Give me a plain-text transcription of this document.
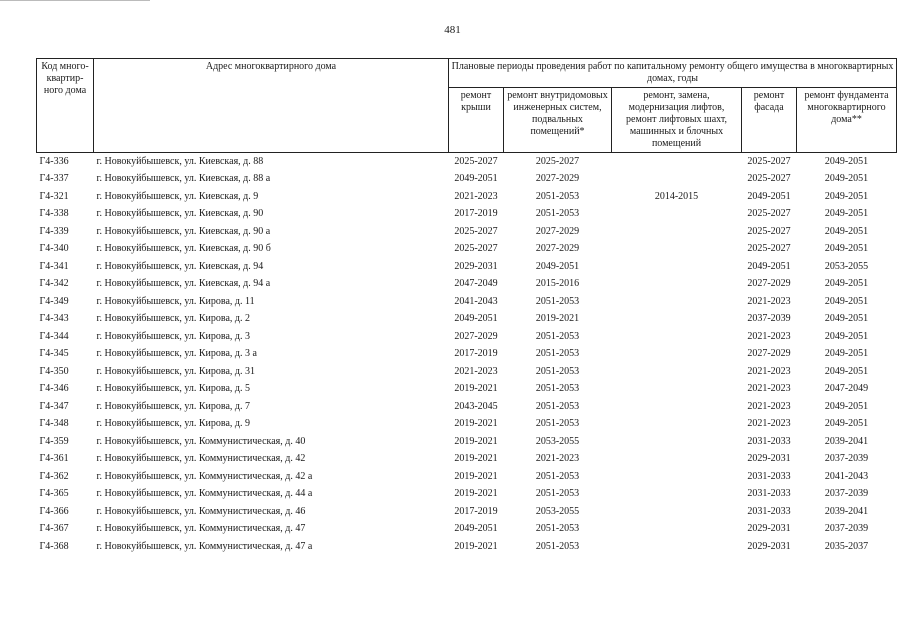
481
Код много-квартир-ного дома	Адрес многоквартирного дома	Плановые периоды проведения работ по капитальному ремонту общего имущества в многоквартирных домах, годы				
		ремонт крыши	ремонт внутридомовых инженерных систем, подвальных помещений*	ремонт, замена, модернизация лифтов, ремонт лифтовых шахт, машинных и блочных помещений	ремонт фасада	ремонт фундамента многоквартирного дома**
Г4-336	г. Новокуйбышевск, ул. Киевская, д. 88	2025-2027	2025-2027		2025-2027	2049-2051
Г4-337	г. Новокуйбышевск, ул. Киевская, д. 88 а	2049-2051	2027-2029		2025-2027	2049-2051
Г4-321	г. Новокуйбышевск, ул. Киевская, д. 9	2021-2023	2051-2053	2014-2015	2049-2051	2049-2051
Г4-338	г. Новокуйбышевск, ул. Киевская, д. 90	2017-2019	2051-2053		2025-2027	2049-2051
Г4-339	г. Новокуйбышевск, ул. Киевская, д. 90 а	2025-2027	2027-2029		2025-2027	2049-2051
Г4-340	г. Новокуйбышевск, ул. Киевская, д. 90 б	2025-2027	2027-2029		2025-2027	2049-2051
Г4-341	г. Новокуйбышевск, ул. Киевская, д. 94	2029-2031	2049-2051		2049-2051	2053-2055
Г4-342	г. Новокуйбышевск, ул. Киевская, д. 94 а	2047-2049	2015-2016		2027-2029	2049-2051
Г4-349	г. Новокуйбышевск, ул. Кирова, д. 11	2041-2043	2051-2053		2021-2023	2049-2051
Г4-343	г. Новокуйбышевск, ул. Кирова, д. 2	2049-2051	2019-2021		2037-2039	2049-2051
Г4-344	г. Новокуйбышевск, ул. Кирова, д. 3	2027-2029	2051-2053		2021-2023	2049-2051
Г4-345	г. Новокуйбышевск, ул. Кирова, д. 3 а	2017-2019	2051-2053		2027-2029	2049-2051
Г4-350	г. Новокуйбышевск, ул. Кирова, д. 31	2021-2023	2051-2053		2021-2023	2049-2051
Г4-346	г. Новокуйбышевск, ул. Кирова, д. 5	2019-2021	2051-2053		2021-2023	2047-2049
Г4-347	г. Новокуйбышевск, ул. Кирова, д. 7	2043-2045	2051-2053		2021-2023	2049-2051
Г4-348	г. Новокуйбышевск, ул. Кирова, д. 9	2019-2021	2051-2053		2021-2023	2049-2051
Г4-359	г. Новокуйбышевск, ул. Коммунистическая, д. 40	2019-2021	2053-2055		2031-2033	2039-2041
Г4-361	г. Новокуйбышевск, ул. Коммунистическая, д. 42	2019-2021	2021-2023		2029-2031	2037-2039
Г4-362	г. Новокуйбышевск, ул. Коммунистическая, д. 42 а	2019-2021	2051-2053		2031-2033	2041-2043
Г4-365	г. Новокуйбышевск, ул. Коммунистическая, д. 44 а	2019-2021	2051-2053		2031-2033	2037-2039
Г4-366	г. Новокуйбышевск, ул. Коммунистическая, д. 46	2017-2019	2053-2055		2031-2033	2039-2041
Г4-367	г. Новокуйбышевск, ул. Коммунистическая, д. 47	2049-2051	2051-2053		2029-2031	2037-2039
Г4-368	г. Новокуйбышевск, ул. Коммунистическая, д. 47 а	2019-2021	2051-2053		2029-2031	2035-2037
